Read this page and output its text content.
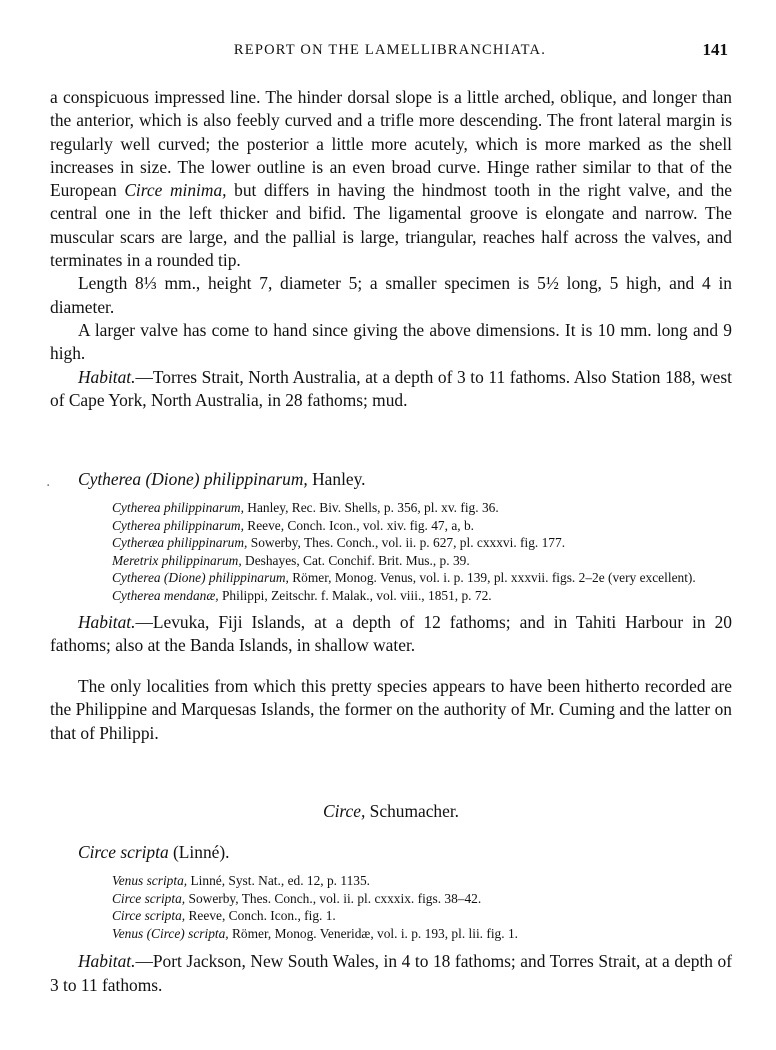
REPORT ON THE LAMELLIBRANCHIATA.	141

a conspicuous impressed line. The hinder dorsal slope is a little arched, oblique, and longer than the anterior, which is also feebly curved and a trifle more descending. The front lateral margin is regularly well curved; the posterior a little more acutely, which is more marked as the shell increases in size. The lower outline is an even broad curve. Hinge rather similar to that of the European Circe minima, but differs in having the hindmost tooth in the right valve, and the central one in the left thicker and bifid. The ligamental groove is elongate and narrow. The muscular scars are large, and the pallial is large, triangular, reaches half across the valves, and terminates in a rounded tip.

Length 8⅓ mm., height 7, diameter 5; a smaller specimen is 5½ long, 5 high, and 4 in diameter.

A larger valve has come to hand since giving the above dimensions. It is 10 mm. long and 9 high.

Habitat.—Torres Strait, North Australia, at a depth of 3 to 11 fathoms. Also Station 188, west of Cape York, North Australia, in 28 fathoms; mud.

·	Cytherea (Dione) philippinarum, Hanley.
Cytherea philippinarum, Hanley, Rec. Biv. Shells, p. 356, pl. xv. fig. 36.
Cytherea philippinarum, Reeve, Conch. Icon., vol. xiv. fig. 47, a, b.
Cytheræa philippinarum, Sowerby, Thes. Conch., vol. ii. p. 627, pl. cxxxvi. fig. 177.
Meretrix philippinarum, Deshayes, Cat. Conchif. Brit. Mus., p. 39.
Cytherea (Dione) philippinarum, Römer, Monog. Venus, vol. i. p. 139, pl. xxxvii. figs. 2–2e (very excellent).
Cytherea mendanæ, Philippi, Zeitschr. f. Malak., vol. viii., 1851, p. 72.

Habitat.—Levuka, Fiji Islands, at a depth of 12 fathoms; and in Tahiti Harbour in 20 fathoms; also at the Banda Islands, in shallow water.

The only localities from which this pretty species appears to have been hitherto recorded are the Philippine and Marquesas Islands, the former on the authority of Mr. Cuming and the latter on that of Philippi.

Circe, Schumacher.
Circe scripta (Linné).
Venus scripta, Linné, Syst. Nat., ed. 12, p. 1135.
Circe scripta, Sowerby, Thes. Conch., vol. ii. pl. cxxxix. figs. 38–42.
Circe scripta, Reeve, Conch. Icon., fig. 1.
Venus (Circe) scripta, Römer, Monog. Veneridæ, vol. i. p. 193, pl. lii. fig. 1.

Habitat.—Port Jackson, New South Wales, in 4 to 18 fathoms; and Torres Strait, at a depth of 3 to 11 fathoms.
